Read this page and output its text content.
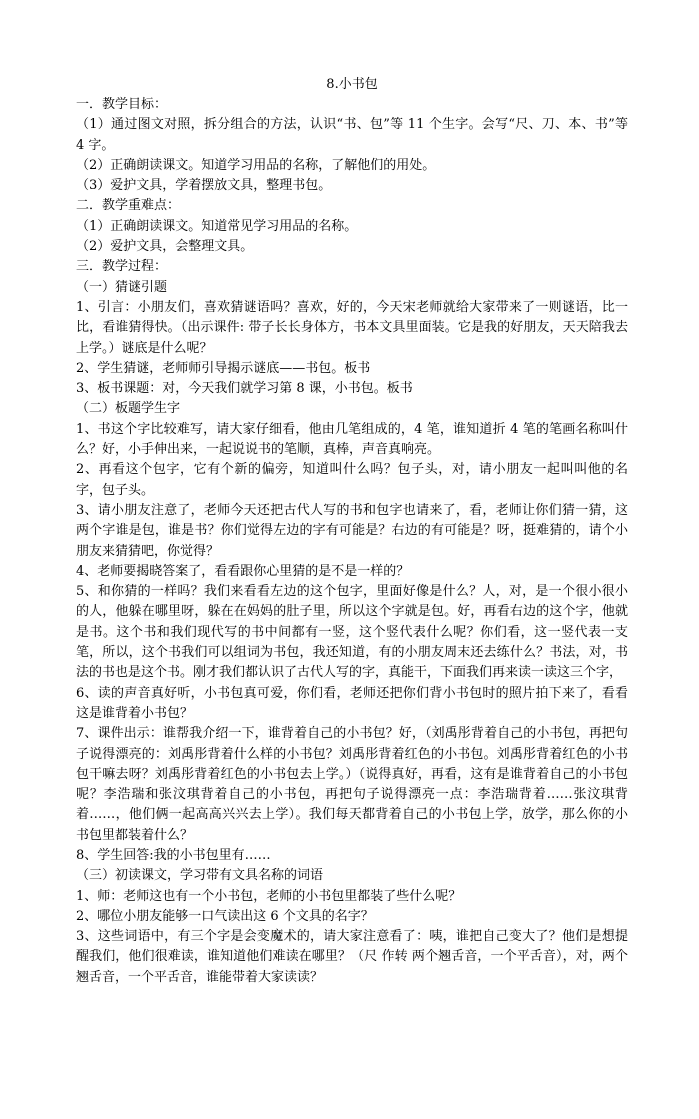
8.小书包

一．教学目标：

（1）通过图文对照，拆分组合的方法，认识“书、包”等 11 个生字。会写“尺、刀、本、书”等 4 字。

（2）正确朗读课文。知道学习用品的名称，了解他们的用处。

（3）爱护文具，学着摆放文具，整理书包。

二．教学重难点：

（1）正确朗读课文。知道常见学习用品的名称。

（2）爱护文具，会整理文具。

三．教学过程：

（一）猜谜引题

1、引言：小朋友们，喜欢猜谜语吗？喜欢，好的，今天宋老师就给大家带来了一则谜语，比一比，看谁猜得快。（出示课件: 带子长长身体方，书本文具里面装。它是我的好朋友，天天陪我去上学。）谜底是什么呢？

2、学生猜谜，老师师引导揭示谜底——书包。板书

3、板书课题：对，今天我们就学习第 8 课，小书包。板书

（二）板题学生字

1、书这个字比较难写，请大家仔细看，他由几笔组成的，4 笔，谁知道折 4 笔的笔画名称叫什么？好，小手伸出来，一起说说书的笔顺，真棒，声音真响亮。

2、再看这个包字，它有个新的偏旁，知道叫什么吗？包子头，对，请小朋友一起叫叫他的名字，包子头。

3、请小朋友注意了，老师今天还把古代人写的书和包字也请来了，看，老师让你们猜一猜，这两个字谁是包，谁是书？你们觉得左边的字有可能是？右边的有可能是？呀，挺难猜的，请个小朋友来猜猜吧，你觉得？

4、老师要揭晓答案了，看看跟你心里猜的是不是一样的？

5、和你猜的一样吗？我们来看看左边的这个包字，里面好像是什么？人，对，是一个很小很小的人，他躲在哪里呀，躲在在妈妈的肚子里，所以这个字就是包。好，再看右边的这个字，他就是书。这个书和我们现代写的书中间都有一竖，这个竖代表什么呢？你们看，这一竖代表一支笔，所以，这个书我们可以组词为书包，我还知道，有的小朋友周末还去练什么？书法，对，书法的书也是这个书。刚才我们都认识了古代人写的字，真能干，下面我们再来读一读这三个字，

6、读的声音真好听，小书包真可爱，你们看，老师还把你们背小书包时的照片拍下来了，看看这是谁背着小书包？

7、课件出示：谁帮我介绍一下，谁背着自己的小书包？好，（刘禹彤背着自己的小书包，再把句子说得漂亮的：刘禹彤背着什么样的小书包？刘禹彤背着红色的小书包。刘禹彤背着红色的小书包干嘛去呀？刘禹彤背着红色的小书包去上学。）（说得真好，再看，这有是谁背着自己的小书包呢？李浩瑞和张汶琪背着自己的小书包，再把句子说得漂亮一点：李浩瑞背着……张汶琪背着……，他们俩一起高高兴兴去上学）。我们每天都背着自己的小书包上学，放学，那么你的小书包里都装着什么？

8、学生回答:我的小书包里有……

（三）初读课文，学习带有文具名称的词语

1、师：老师这也有一个小书包，老师的小书包里都装了些什么呢？

2、哪位小朋友能够一口气读出这 6 个文具的名字？

3、这些词语中，有三个字是会变魔术的，请大家注意看了：咦，谁把自己变大了？他们是想提醒我们，他们很难读，谁知道他们难读在哪里？（尺 作转 两个翘舌音，一个平舌音），对，两个翘舌音，一个平舌音，谁能带着大家读读？
